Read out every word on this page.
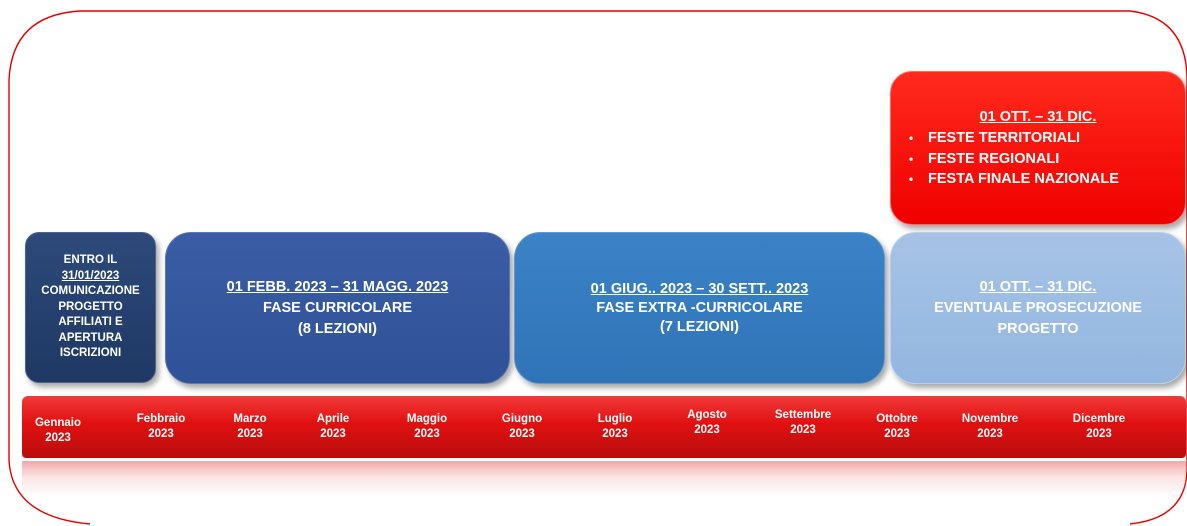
01 OTT. – 31 DIC.
•	FESTE TERRITORIALI
•	FESTE REGIONALI
•	FESTA FINALE NAZIONALE
ENTRO IL
31/01/2023
COMUNICAZIONE
PROGETTO
AFFILIATI E
APERTURA
ISCRIZIONI
01 FEBB. 2023 – 31 MAGG. 2023
FASE CURRICOLARE
(8 LEZIONI)
01 GIUG.. 2023 – 30 SETT.. 2023
FASE EXTRA -CURRICOLARE
(7 LEZIONI)
01 OTT. – 31 DIC.
EVENTUALE PROSECUZIONE
PROGETTO
Gennaio
2023
Febbraio
2023
Marzo
2023
Aprile
2023
Maggio
2023
Giugno
2023
Luglio
2023
Agosto
2023
Settembre
2023
Ottobre
2023
Novembre
2023
Dicembre
2023
